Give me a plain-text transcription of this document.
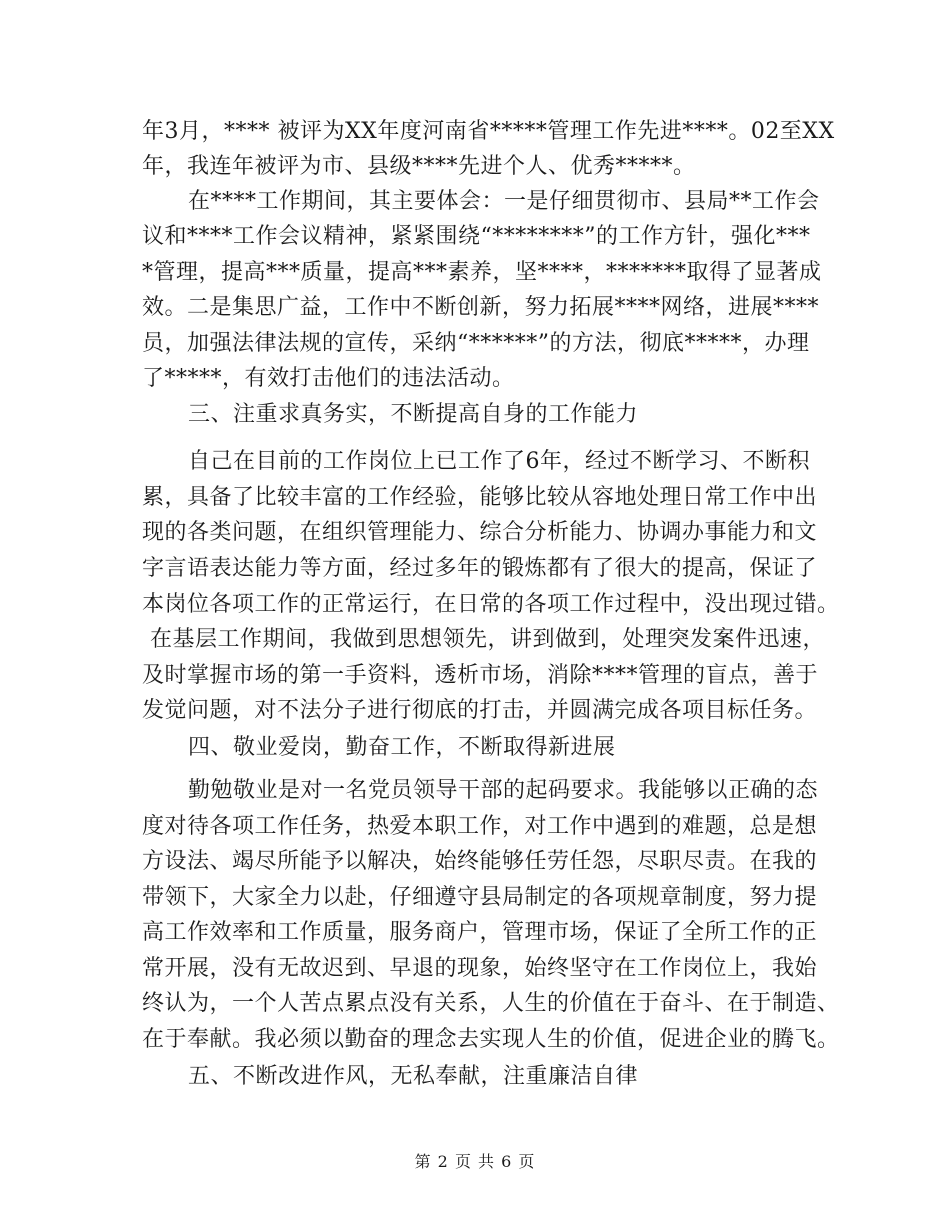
年3月，**** 被评为XX年度河南省*****管理工作先进****。02至XX
年，我连年被评为市、县级****先进个人、优秀*****。
在****工作期间，其主要体会：一是仔细贯彻市、县局**工作会
议和****工作会议精神，紧紧围绕“********”的工作方针，强化***
*管理，提高***质量，提高***素养，坚****，*******取得了显著成
效。二是集思广益，工作中不断创新，努力拓展****网络，进展****
员，加强法律法规的宣传，采纳“******”的方法，彻底*****，办理
了*****，有效打击他们的违法活动。
三、注重求真务实，不断提高自身的工作能力
自己在目前的工作岗位上已工作了6年，经过不断学习、不断积
累，具备了比较丰富的工作经验，能够比较从容地处理日常工作中出
现的各类问题，在组织管理能力、综合分析能力、协调办事能力和文
字言语表达能力等方面，经过多年的锻炼都有了很大的提高，保证了
本岗位各项工作的正常运行，在日常的各项工作过程中，没出现过错。
在基层工作期间，我做到思想领先，讲到做到，处理突发案件迅速，
及时掌握市场的第一手资料，透析市场，消除****管理的盲点，善于
发觉问题，对不法分子进行彻底的打击，并圆满完成各项目标任务。
四、敬业爱岗，勤奋工作，不断取得新进展
勤勉敬业是对一名党员领导干部的起码要求。我能够以正确的态
度对待各项工作任务，热爱本职工作，对工作中遇到的难题，总是想
方设法、竭尽所能予以解决，始终能够任劳任怨，尽职尽责。在我的
带领下，大家全力以赴，仔细遵守县局制定的各项规章制度，努力提
高工作效率和工作质量，服务商户，管理市场，保证了全所工作的正
常开展，没有无故迟到、早退的现象，始终坚守在工作岗位上，我始
终认为，一个人苦点累点没有关系，人生的价值在于奋斗、在于制造、
在于奉献。我必须以勤奋的理念去实现人生的价值，促进企业的腾飞。
五、不断改进作风，无私奉献，注重廉洁自律
第 2 页 共 6 页
